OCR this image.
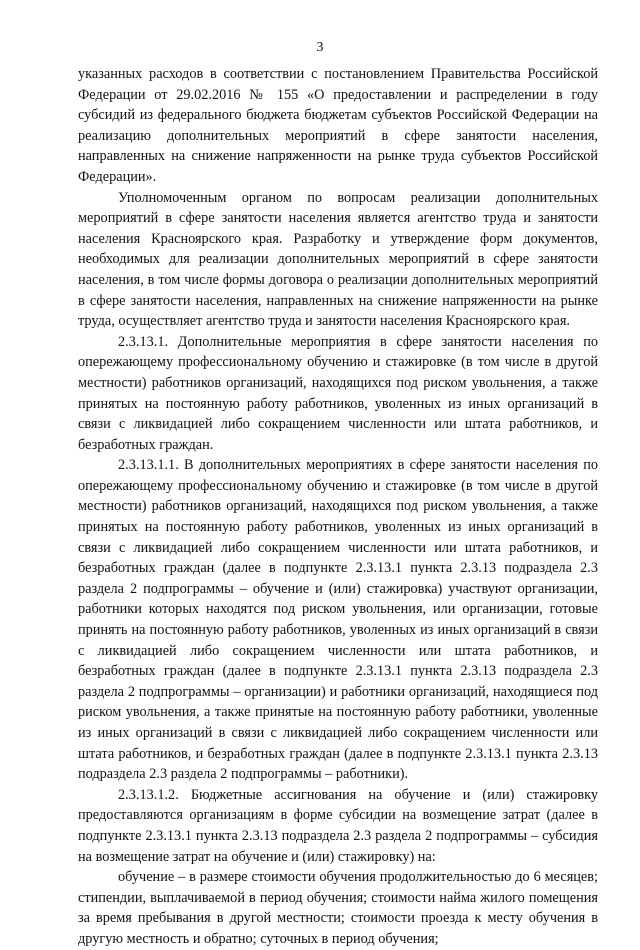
3

указанных расходов в соответствии с постановлением Правительства Российской Федерации от 29.02.2016 № 155 «О предоставлении и распределении в году субсидий из федерального бюджета бюджетам субъектов Российской Федерации на реализацию дополнительных мероприятий в сфере занятости населения, направленных на снижение напряженности на рынке труда субъектов Российской Федерации».

Уполномоченным органом по вопросам реализации дополнительных мероприятий в сфере занятости населения является агентство труда и занятости населения Красноярского края. Разработку и утверждение форм документов, необходимых для реализации дополнительных мероприятий в сфере занятости населения, в том числе формы договора о реализации дополнительных мероприятий в сфере занятости населения, направленных на снижение напряженности на рынке труда, осуществляет агентство труда и занятости населения Красноярского края.

2.3.13.1. Дополнительные мероприятия в сфере занятости населения по опережающему профессиональному обучению и стажировке (в том числе в другой местности) работников организаций, находящихся под риском увольнения, а также принятых на постоянную работу работников, уволенных из иных организаций в связи с ликвидацией либо сокращением численности или штата работников, и безработных граждан.

2.3.13.1.1. В дополнительных мероприятиях в сфере занятости населения по опережающему профессиональному обучению и стажировке (в том числе в другой местности) работников организаций, находящихся под риском увольнения, а также принятых на постоянную работу работников, уволенных из иных организаций в связи с ликвидацией либо сокращением численности или штата работников, и безработных граждан (далее в подпункте 2.3.13.1 пункта 2.3.13 подраздела 2.3 раздела 2 подпрограммы – обучение и (или) стажировка) участвуют организации, работники которых находятся под риском увольнения, или организации, готовые принять на постоянную работу работников, уволенных из иных организаций в связи с ликвидацией либо сокращением численности или штата работников, и безработных граждан (далее в подпункте 2.3.13.1 пункта 2.3.13 подраздела 2.3 раздела 2 подпрограммы – организации) и работники организаций, находящиеся под риском увольнения, а также принятые на постоянную работу работники, уволенные из иных организаций в связи с ликвидацией либо сокращением численности или штата работников, и безработных граждан (далее в подпункте 2.3.13.1 пункта 2.3.13 подраздела 2.3 раздела 2 подпрограммы – работники).

2.3.13.1.2. Бюджетные ассигнования на обучение и (или) стажировку предоставляются организациям в форме субсидии на возмещение затрат (далее в подпункте 2.3.13.1 пункта 2.3.13 подраздела 2.3 раздела 2 подпрограммы – субсидия на возмещение затрат на обучение и (или) стажировку) на:

обучение – в размере стоимости обучения продолжительностью до 6 месяцев; стипендии, выплачиваемой в период обучения; стоимости найма жилого помещения за время пребывания в другой местности; стоимости проезда к месту обучения в другую местность и обратно; суточных в период обучения;
